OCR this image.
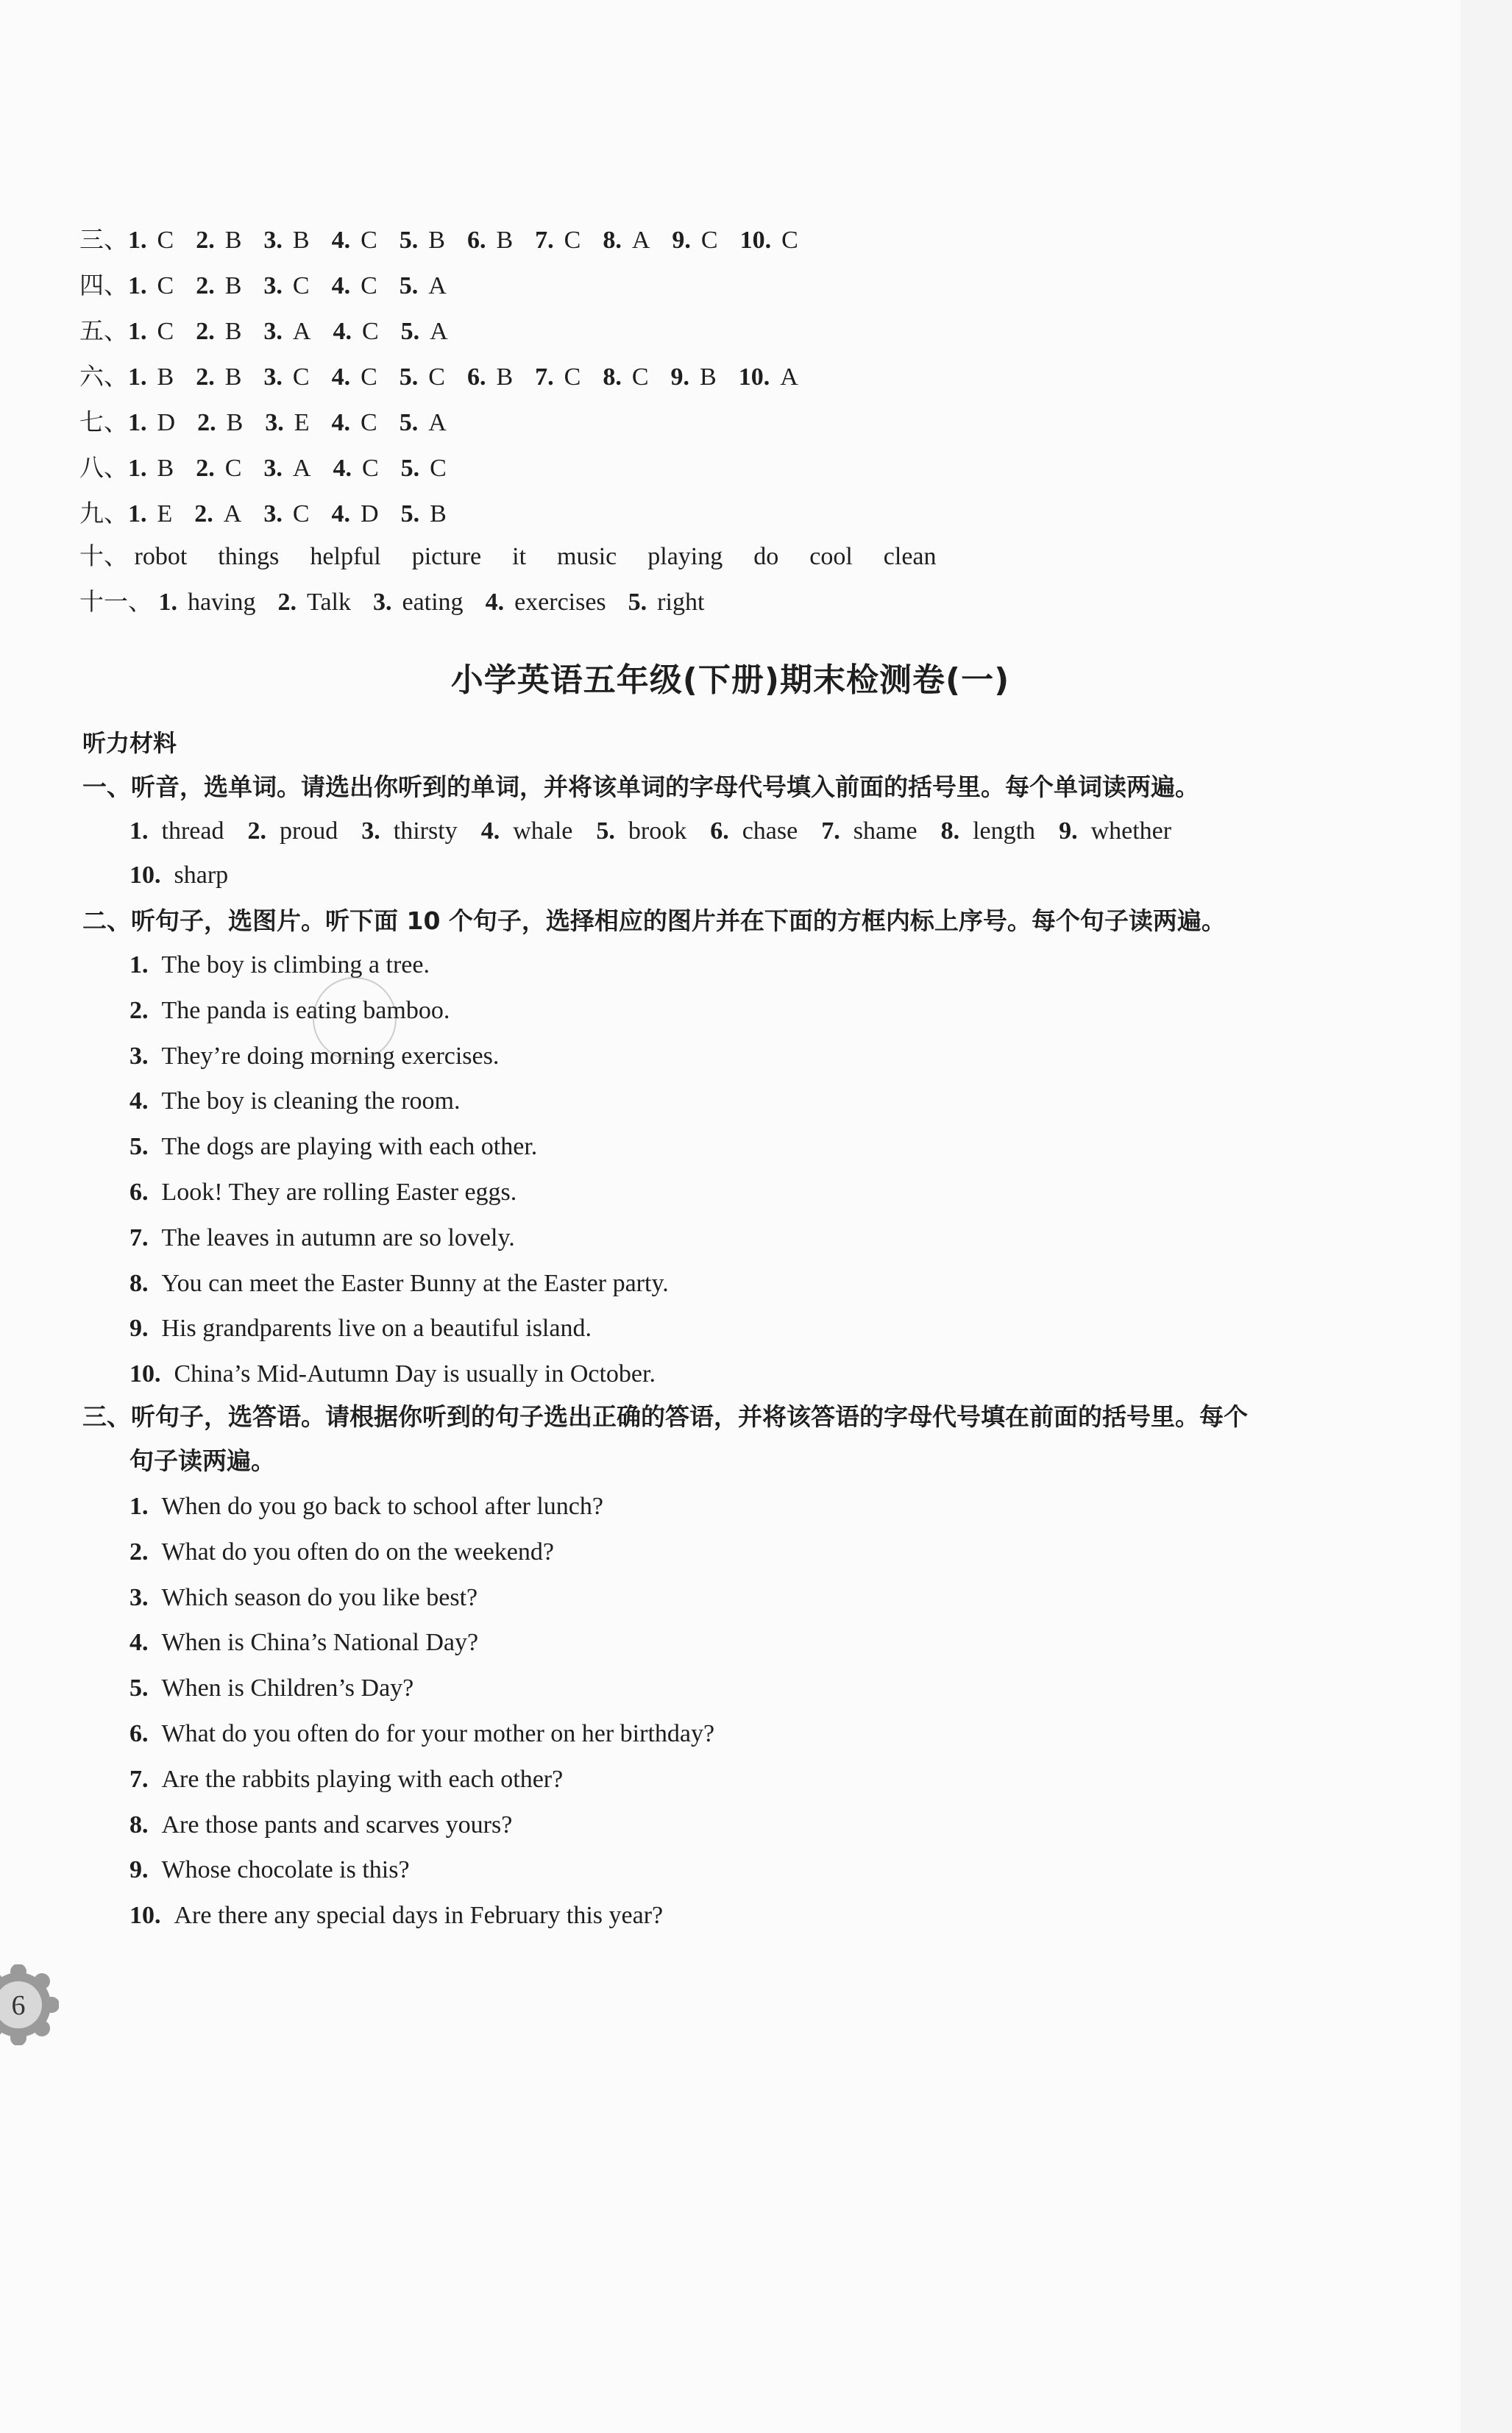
三、1. C 2. B 3. B 4. C 5. B 6. B 7. C 8. A 9. C 10. C
四、1. C 2. B 3. C 4. C 5. A
五、1. C 2. B 3. A 4. C 5. A
六、1. B 2. B 3. C 4. C 5. C 6. B 7. C 8. C 9. B 10. A
七、1. D 2. B 3. E 4. C 5. A
八、1. B 2. C 3. A 4. C 5. C
九、1. E 2. A 3. C 4. D 5. B
十、 robot things helpful picture it music playing do cool clean
十一、 1. having 2. Talk 3. eating 4. exercises 5. right
小学英语五年级(下册)期末检测卷(一)
听力材料
一、听音，选单词。请选出你听到的单词，并将该单词的字母代号填入前面的括号里。每个单词读两遍。
1. thread 2. proud 3. thirsty 4. whale 5. brook 6. chase 7. shame 8. length 9. whether
10. sharp
二、听句子，选图片。听下面 10 个句子，选择相应的图片并在下面的方框内标上序号。每个句子读两遍。
1. The boy is climbing a tree.
2. The panda is eating bamboo.
3. They’re doing morning exercises.
4. The boy is cleaning the room.
5. The dogs are playing with each other.
6. Look! They are rolling Easter eggs.
7. The leaves in autumn are so lovely.
8. You can meet the Easter Bunny at the Easter party.
9. His grandparents live on a beautiful island.
10. China’s Mid-Autumn Day is usually in October.
三、听句子，选答语。请根据你听到的句子选出正确的答语，并将该答语的字母代号填在前面的括号里。每个
句子读两遍。
1. When do you go back to school after lunch?
2. What do you often do on the weekend?
3. Which season do you like best?
4. When is China’s National Day?
5. When is Children’s Day?
6. What do you often do for your mother on her birthday?
7. Are the rabbits playing with each other?
8. Are those pants and scarves yours?
9. Whose chocolate is this?
10. Are there any special days in February this year?
6
